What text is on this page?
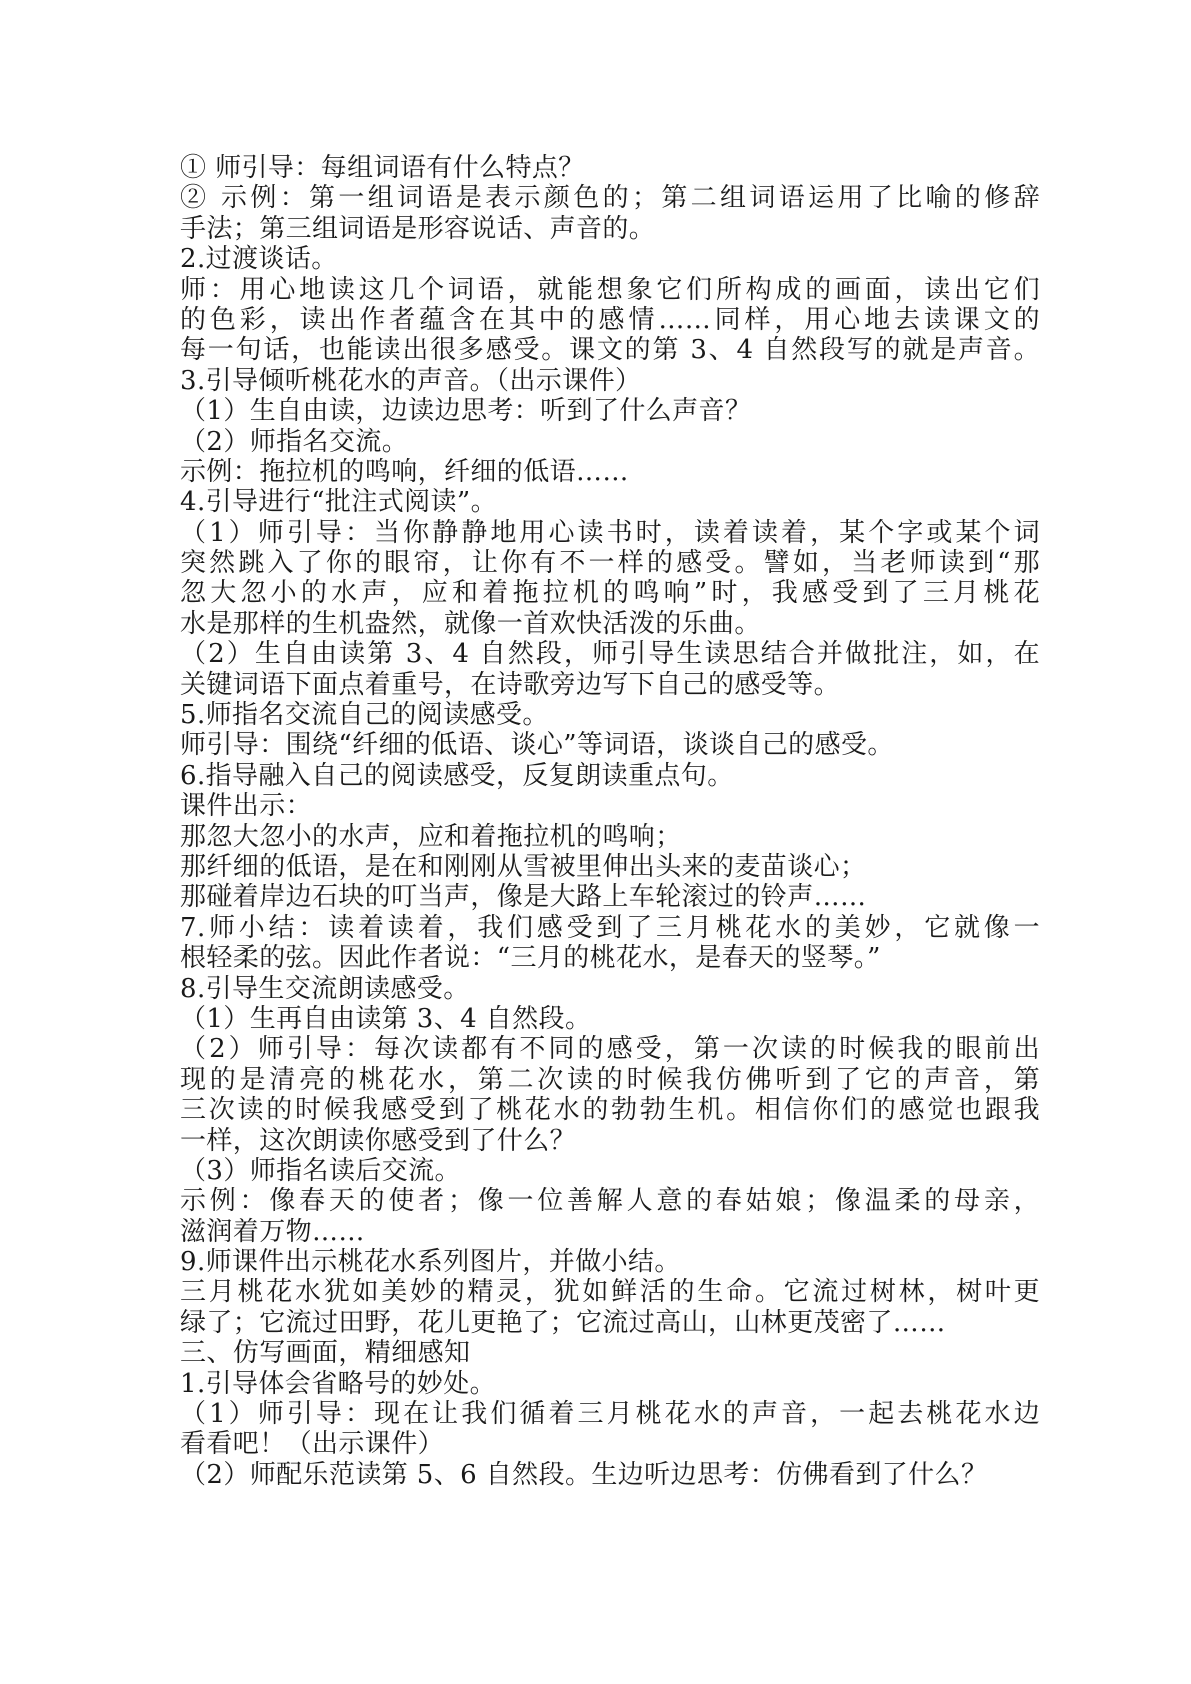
① 师引导：每组词语有什么特点？
② 示例：第一组词语是表示颜色的；第二组词语运用了比喻的修辞
手法；第三组词语是形容说话、声音的。
2.过渡谈话。
师：用心地读这几个词语，就能想象它们所构成的画面，读出它们
的色彩，读出作者蕴含在其中的感情……同样，用心地去读课文的
每一句话，也能读出很多感受。课文的第 3、4 自然段写的就是声音。
3.引导倾听桃花水的声音。（出示课件）
（1）生自由读，边读边思考：听到了什么声音？
（2）师指名交流。
示例：拖拉机的鸣响，纤细的低语……
4.引导进行“批注式阅读”。
（1）师引导：当你静静地用心读书时，读着读着，某个字或某个词
突然跳入了你的眼帘，让你有不一样的感受。譬如，当老师读到“那
忽大忽小的水声，应和着拖拉机的鸣响”时，我感受到了三月桃花
水是那样的生机盎然，就像一首欢快活泼的乐曲。
（2）生自由读第 3、4 自然段，师引导生读思结合并做批注，如，在
关键词语下面点着重号，在诗歌旁边写下自己的感受等。
5.师指名交流自己的阅读感受。
师引导：围绕“纤细的低语、谈心”等词语，谈谈自己的感受。
6.指导融入自己的阅读感受，反复朗读重点句。
课件出示：
那忽大忽小的水声，应和着拖拉机的鸣响；
那纤细的低语，是在和刚刚从雪被里伸出头来的麦苗谈心；
那碰着岸边石块的叮当声，像是大路上车轮滚过的铃声……
7.师小结：读着读着，我们感受到了三月桃花水的美妙，它就像一
根轻柔的弦。因此作者说：“三月的桃花水，是春天的竖琴。”
8.引导生交流朗读感受。
（1）生再自由读第 3、4 自然段。
（2）师引导：每次读都有不同的感受，第一次读的时候我的眼前出
现的是清亮的桃花水，第二次读的时候我仿佛听到了它的声音，第
三次读的时候我感受到了桃花水的勃勃生机。相信你们的感觉也跟我
一样，这次朗读你感受到了什么？
（3）师指名读后交流。
示例：像春天的使者；像一位善解人意的春姑娘；像温柔的母亲，
滋润着万物……
9.师课件出示桃花水系列图片，并做小结。
三月桃花水犹如美妙的精灵，犹如鲜活的生命。它流过树林，树叶更
绿了；它流过田野，花儿更艳了；它流过高山，山林更茂密了……
三、仿写画面，精细感知
1.引导体会省略号的妙处。
（1）师引导：现在让我们循着三月桃花水的声音，一起去桃花水边
看看吧！（出示课件）
（2）师配乐范读第 5、6 自然段。生边听边思考：仿佛看到了什么？
